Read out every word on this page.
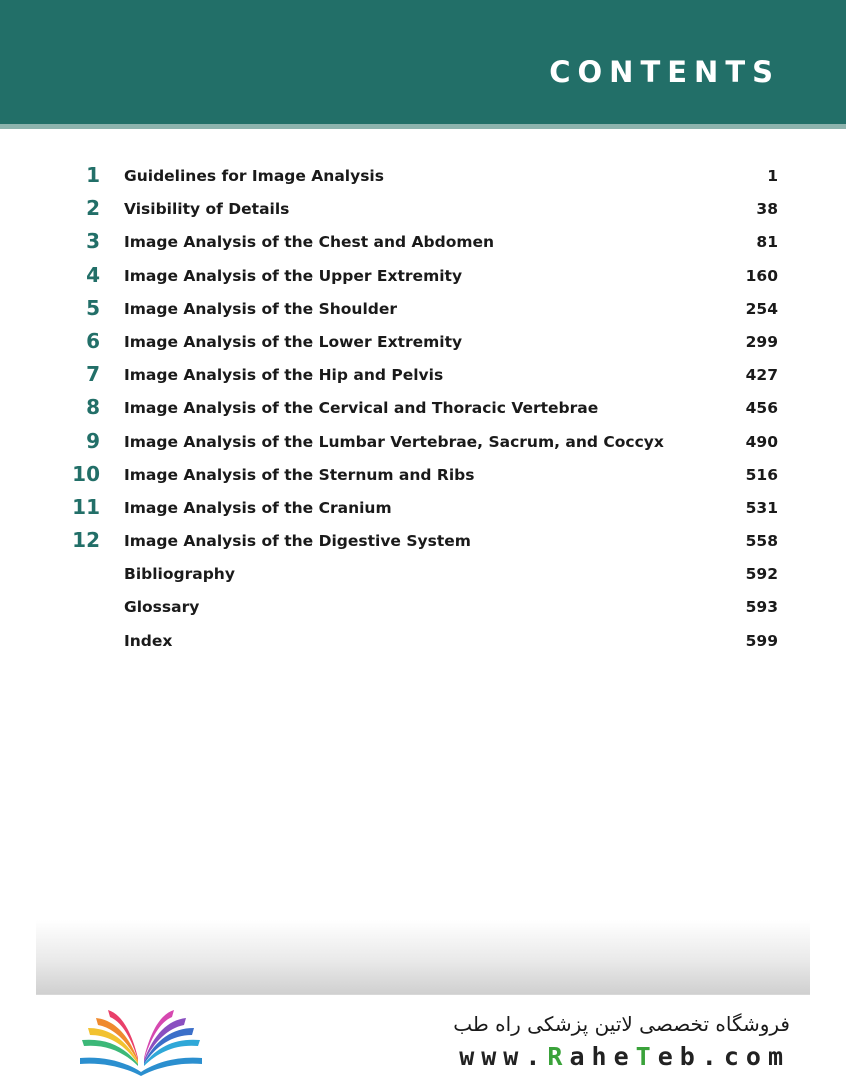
CONTENTS
1 Guidelines for Image Analysis	1
2 Visibility of Details	38
3 Image Analysis of the Chest and Abdomen	81
4 Image Analysis of the Upper Extremity	160
5 Image Analysis of the Shoulder	254
6 Image Analysis of the Lower Extremity	299
7 Image Analysis of the Hip and Pelvis	427
8 Image Analysis of the Cervical and Thoracic Vertebrae	456
9 Image Analysis of the Lumbar Vertebrae, Sacrum, and Coccyx	490
10 Image Analysis of the Sternum and Ribs	516
11 Image Analysis of the Cranium	531
12 Image Analysis of the Digestive System	558
Bibliography	592
Glossary	593
Index	599
فروشگاه تخصصی لاتین پزشکی راه طب
www.RaheTeb.com
